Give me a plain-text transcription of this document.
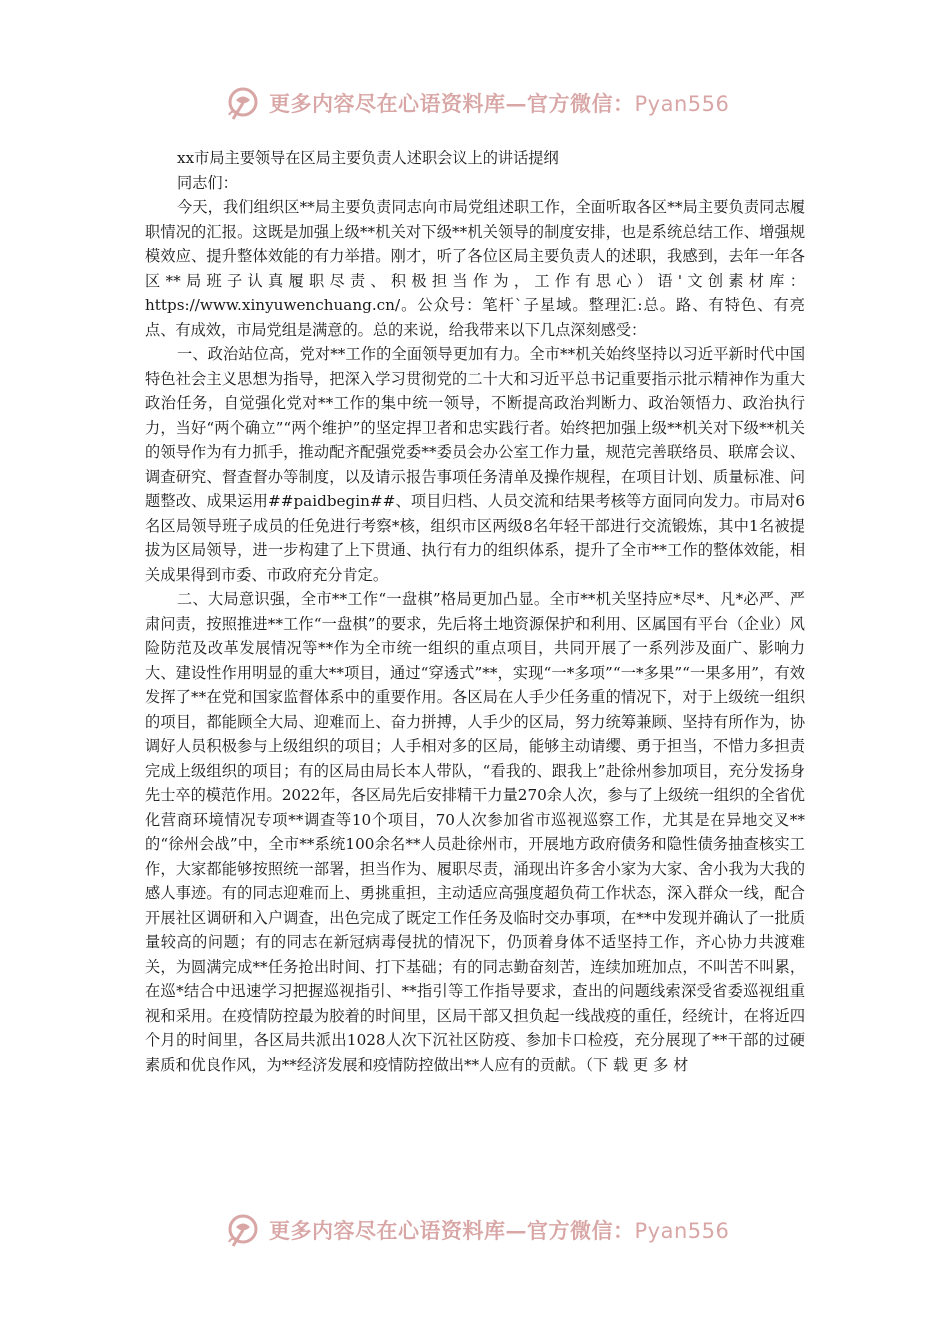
更多内容尽在心语资料库—官方微信：Pyan556

xx市局主要领导在区局主要负责人述职会议上的讲话提纲

同志们：

今天，我们组织区**局主要负责同志向市局党组述职工作，全面听取各区**局主要负责同志履职情况的汇报。这既是加强上级**机关对下级**机关领导的制度安排，也是系统总结工作、增强规模效应、提升整体效能的有力举措。刚才，听了各位区局主要负责人的述职，我感到，去年一年各区**局班子认真履职尽责、积极担当作为，工作有思心）语'文创素材库：https://www.xinyuwenchuang.cn/。公众号：笔杆`子星域。整理汇:总。路、有特色、有亮点、有成效，市局党组是满意的。总的来说，给我带来以下几点深刻感受：

一、政治站位高，党对**工作的全面领导更加有力。全市**机关始终坚持以习近平新时代中国特色社会主义思想为指导，把深入学习贯彻党的二十大和习近平总书记重要指示批示精神作为重大政治任务，自觉强化党对**工作的集中统一领导，不断提高政治判断力、政治领悟力、政治执行力，当好“两个确立”“两个维护”的坚定捍卫者和忠实践行者。始终把加强上级**机关对下级**机关的领导作为有力抓手，推动配齐配强党委**委员会办公室工作力量，规范完善联络员、联席会议、调查研究、督查督办等制度，以及请示报告事项任务清单及操作规程，在项目计划、质量标准、问题整改、成果运用##paidbegin##、项目归档、人员交流和结果考核等方面同向发力。市局对6名区局领导班子成员的任免进行考察*核，组织市区两级8名年轻干部进行交流锻炼，其中1名被提拔为区局领导，进一步构建了上下贯通、执行有力的组织体系，提升了全市**工作的整体效能，相关成果得到市委、市政府充分肯定。

二、大局意识强，全市**工作“一盘棋”格局更加凸显。全市**机关坚持应*尽*、凡*必严、严肃问责，按照推进**工作“一盘棋”的要求，先后将土地资源保护和利用、区属国有平台（企业）风险防范及改革发展情况等**作为全市统一组织的重点项目，共同开展了一系列涉及面广、影响力大、建设性作用明显的重大**项目，通过“穿透式”**，实现“一*多项”“一*多果”“一果多用”，有效发挥了**在党和国家监督体系中的重要作用。各区局在人手少任务重的情况下，对于上级统一组织的项目，都能顾全大局、迎难而上、奋力拼搏，人手少的区局，努力统筹兼顾、坚持有所作为，协调好人员积极参与上级组织的项目；人手相对多的区局，能够主动请缨、勇于担当，不惜力多担责完成上级组织的项目；有的区局由局长本人带队，“看我的、跟我上”赴徐州参加项目，充分发扬身先士卒的模范作用。2022年，各区局先后安排精干力量270余人次，参与了上级统一组织的全省优化营商环境情况专项**调查等10个项目，70人次参加省市巡视巡察工作，尤其是在异地交叉**的“徐州会战”中，全市**系统100余名**人员赴徐州市，开展地方政府债务和隐性债务抽查核实工作，大家都能够按照统一部署，担当作为、履职尽责，涌现出许多舍小家为大家、舍小我为大我的感人事迹。有的同志迎难而上、勇挑重担，主动适应高强度超负荷工作状态，深入群众一线，配合开展社区调研和入户调查，出色完成了既定工作任务及临时交办事项，在**中发现并确认了一批质量较高的问题；有的同志在新冠病毒侵扰的情况下，仍顶着身体不适坚持工作，齐心协力共渡难关，为圆满完成**任务抢出时间、打下基础；有的同志勤奋刻苦，连续加班加点，不叫苦不叫累，在巡*结合中迅速学习把握巡视指引、**指引等工作指导要求，查出的问题线索深受省委巡视组重视和采用。在疫情防控最为胶着的时间里，区局干部又担负起一线战疫的重任，经统计，在将近四个月的时间里，各区局共派出1028人次下沉社区防疫、参加卡口检疫，充分展现了**干部的过硬素质和优良作风，为**经济发展和疫情防控做出**人应有的贡献。（下 载 更 多 材

更多内容尽在心语资料库—官方微信：Pyan556
